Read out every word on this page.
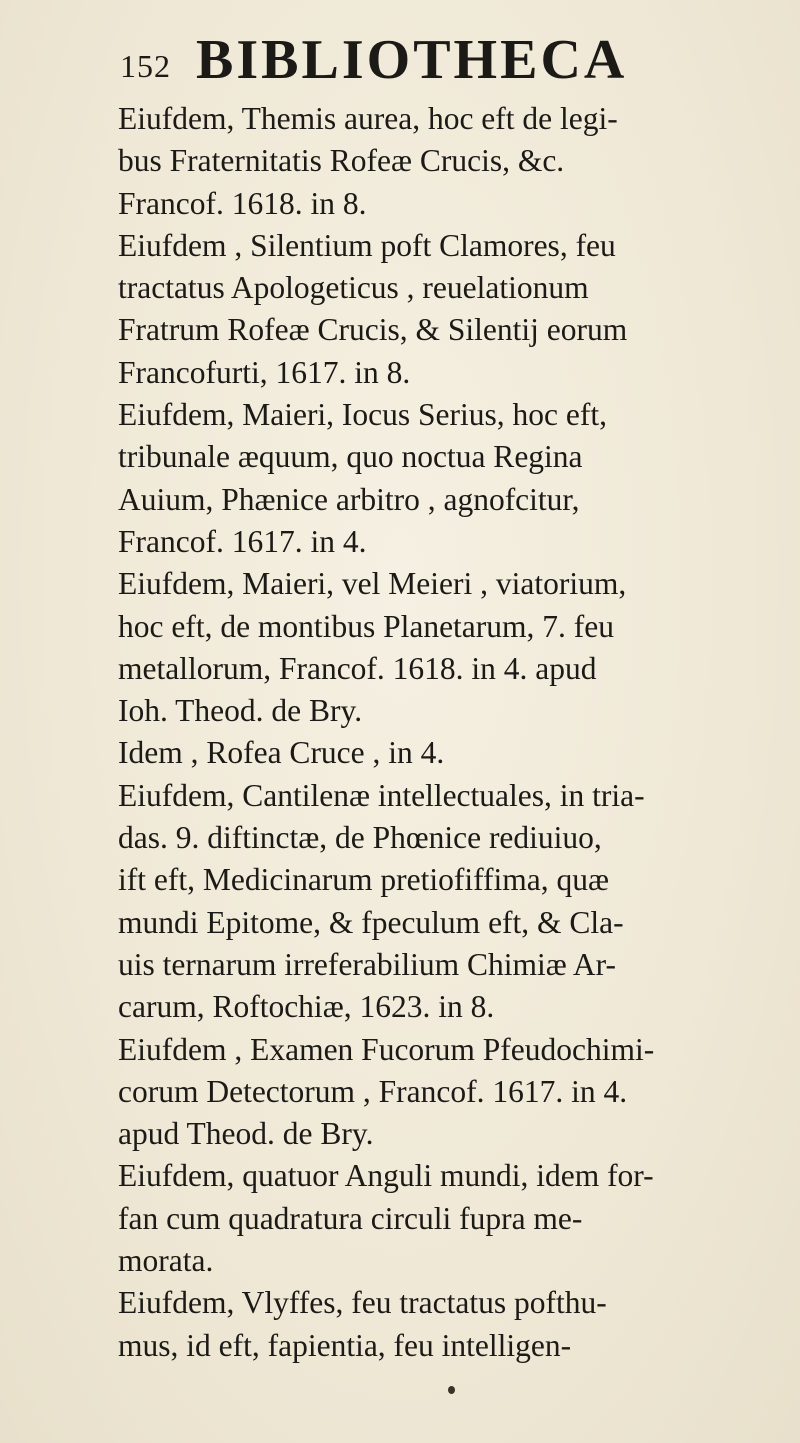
152 BIBLIOTHECA

Eiufdem, Themis aurea, hoc eft de legi-
bus Fraternitatis Rofeæ Crucis, &c.
Francof. 1618. in 8.

Eiufdem , Silentium poft Clamores, feu
tractatus Apologeticus , reuelationum
Fratrum Rofeæ Crucis, & Silentij eorum
Francofurti, 1617. in 8.

Eiufdem, Maieri, Iocus Serius, hoc eft,
tribunale æquum, quo noctua Regina
Auium, Phænice arbitro , agnofcitur,
Francof. 1617. in 4.

Eiufdem, Maieri, vel Meieri , viatorium,
hoc eft, de montibus Planetarum, 7. feu
metallorum, Francof. 1618. in 4. apud
Ioh. Theod. de Bry.

Idem , Rofea Cruce , in 4.

Eiufdem, Cantilenæ intellectuales, in tria-
das. 9. diftinctæ, de Phœnice rediuiuo,
ift eft, Medicinarum pretiofiffima, quæ
mundi Epitome, & fpeculum eft, & Cla-
uis ternarum irreferabilium Chimiæ Ar-
carum, Roftochiæ, 1623. in 8.

Eiufdem , Examen Fucorum Pfeudochimi-
corum Detectorum , Francof. 1617. in 4.
apud Theod. de Bry.

Eiufdem, quatuor Anguli mundi, idem for-
fan cum quadratura circuli fupra me-
morata.

Eiufdem, Vlyffes, feu tractatus pofthu-
mus, id eft, fapientia, feu intelligen-
